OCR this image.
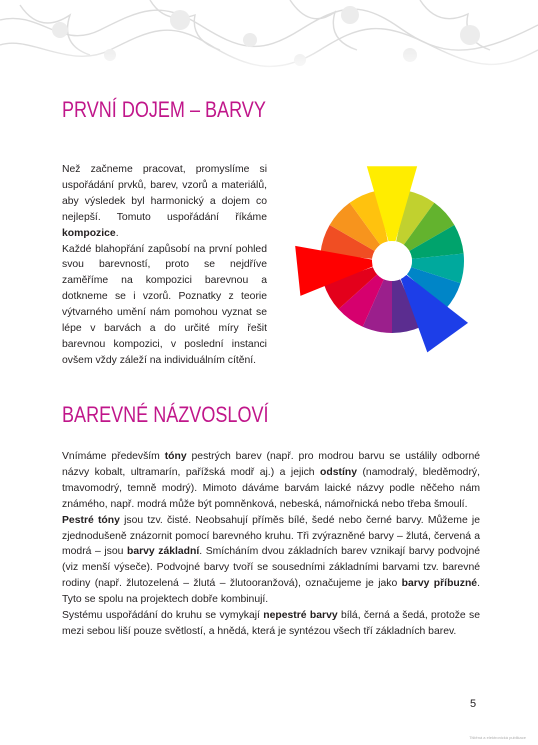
PRVNÍ DOJEM – BARVY

Než začneme pracovat, promyslíme si uspořádání prvků, barev, vzorů a materiálů, aby výsledek byl harmonický a dojem co nejlepší. Tomuto uspořádání říkáme kompozice.
Každé blahopřání zapůsobí na první pohled svou barevností, proto se nejdříve zaměříme na kompozici barevnou a dotkneme se i vzorů. Poznatky z teorie výtvarného umění nám pomohou vyznat se lépe v barvách a do určité míry řešit barevnou kompozici, v poslední instanci ovšem vždy záleží na individuálním cítění.

BAREVNÉ NÁZVOSLOVÍ

Vnímáme především tóny pestrých barev (např. pro modrou barvu se ustálily odborné názvy kobalt, ultramarín, pařížská modř aj.) a jejich odstíny (namodralý, bleděmodrý, tmavomodrý, temně modrý). Mimoto dáváme barvám laické názvy podle něčeho nám známého, např. modrá může být pomněnková, nebeská, námořnická nebo třeba šmoulí.
Pestré tóny jsou tzv. čisté. Neobsahují příměs bílé, šedé nebo černé barvy. Můžeme je zjednodušeně znázornit pomocí barevného kruhu. Tři zvýrazněné barvy – žlutá, červená a modrá – jsou barvy základní. Smícháním dvou základních barev vznikají barvy podvojné (viz menší výseče). Podvojné barvy tvoří se sousedními základními barvami tzv. barevné rodiny (např. žlutozelená – žlutá – žlutooranžová), označujeme je jako barvy příbuzné. Tyto se spolu na projektech dobře kombinují.
Systému uspořádání do kruhu se vymykají nepestré barvy bílá, černá a šedá, protože se mezi sebou liší pouze světlostí, a hnědá, která je syntézou všech tří základních barev.

5
Tištěná a elektronická publikace
